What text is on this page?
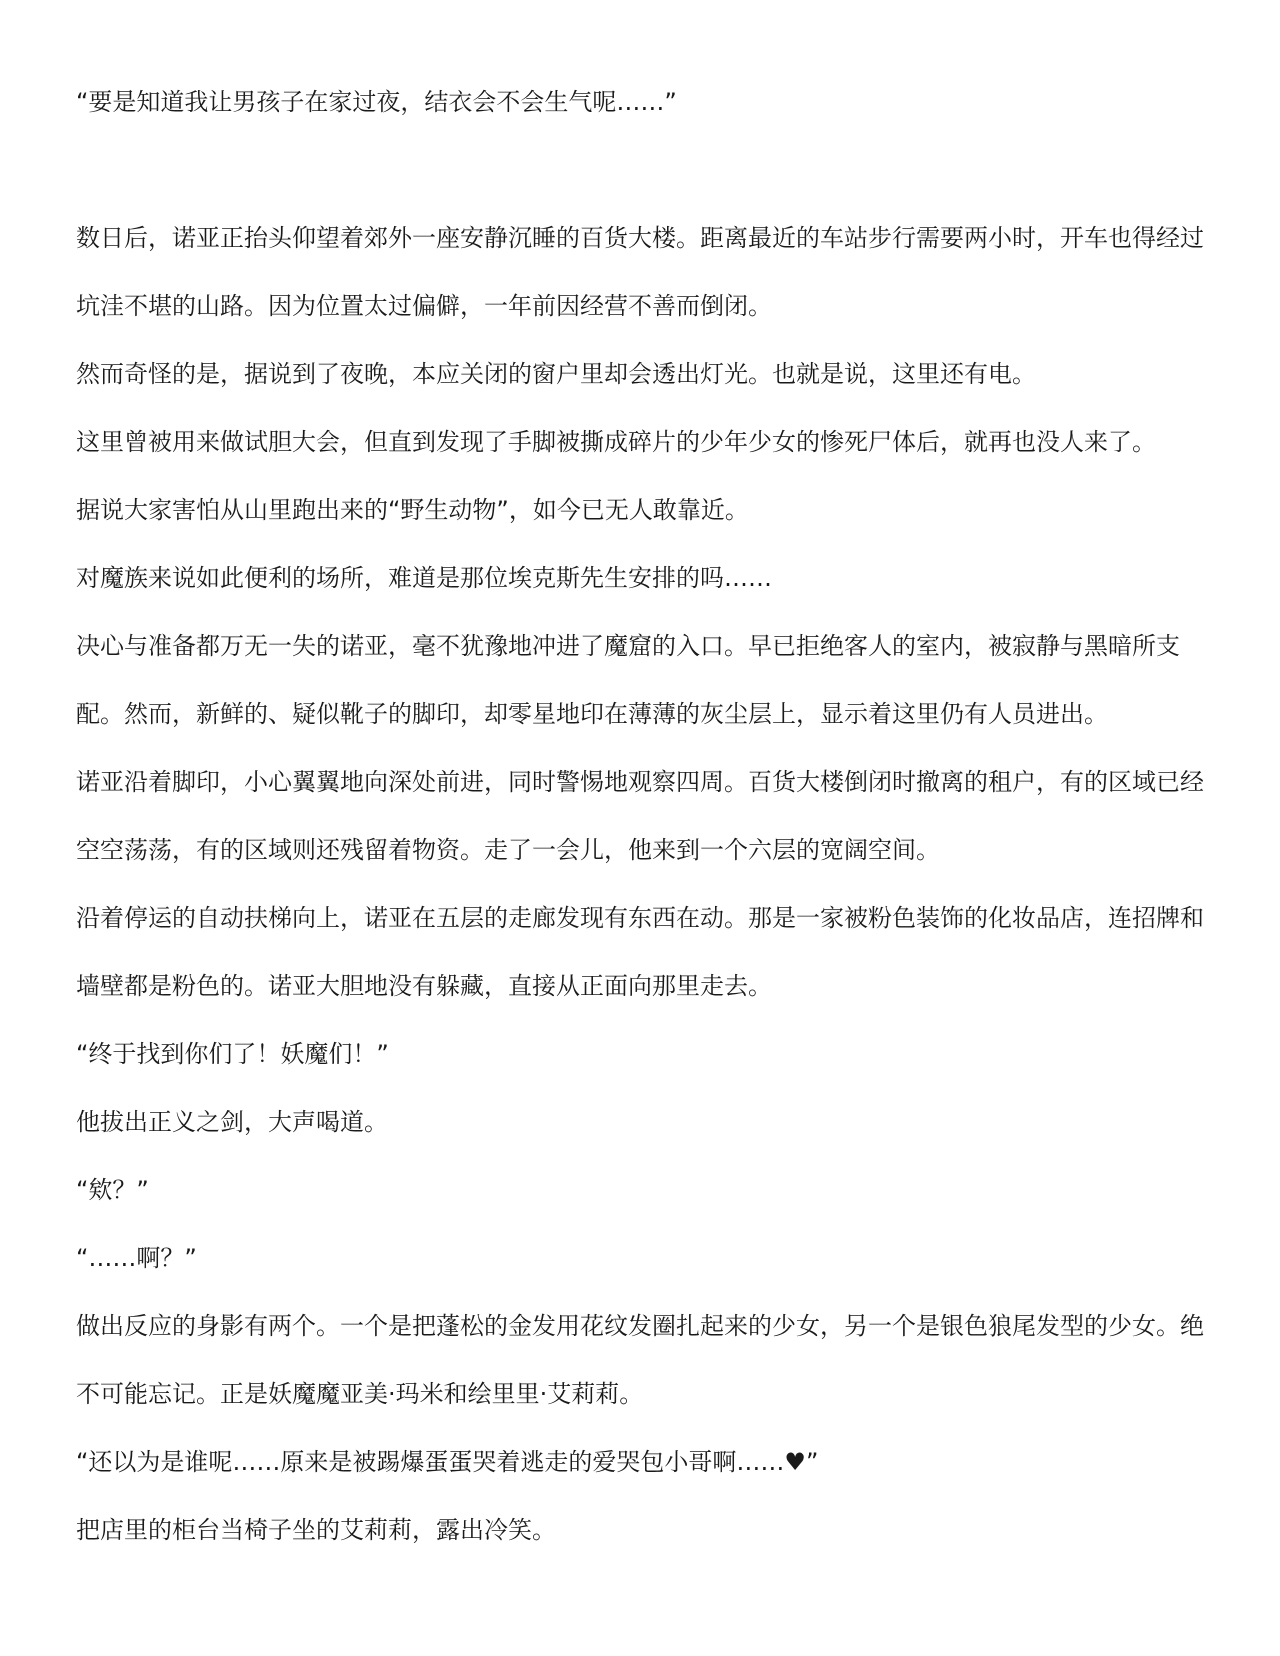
“要是知道我让男孩子在家过夜，结衣会不会生气呢……”

数日后，诺亚正抬头仰望着郊外一座安静沉睡的百货大楼。距离最近的车站步行需要两小时，开车也得经过坑洼不堪的山路。因为位置太过偏僻，一年前因经营不善而倒闭。

然而奇怪的是，据说到了夜晚，本应关闭的窗户里却会透出灯光。也就是说，这里还有电。

这里曾被用来做试胆大会，但直到发现了手脚被撕成碎片的少年少女的惨死尸体后，就再也没人来了。

据说大家害怕从山里跑出来的“野生动物”，如今已无人敢靠近。

对魔族来说如此便利的场所，难道是那位埃克斯先生安排的吗……

决心与准备都万无一失的诺亚，毫不犹豫地冲进了魔窟的入口。早已拒绝客人的室内，被寂静与黑暗所支配。然而，新鲜的、疑似靴子的脚印，却零星地印在薄薄的灰尘层上，显示着这里仍有人员进出。

诺亚沿着脚印，小心翼翼地向深处前进，同时警惕地观察四周。百货大楼倒闭时撤离的租户，有的区域已经空空荡荡，有的区域则还残留着物资。走了一会儿，他来到一个六层的宽阔空间。

沿着停运的自动扶梯向上，诺亚在五层的走廊发现有东西在动。那是一家被粉色装饰的化妆品店，连招牌和墙壁都是粉色的。诺亚大胆地没有躲藏，直接从正面向那里走去。

“终于找到你们了！妖魔们！”

他拔出正义之剑，大声喝道。

“欸？”

“……啊？”

做出反应的身影有两个。一个是把蓬松的金发用花纹发圈扎起来的少女，另一个是银色狼尾发型的少女。绝不可能忘记。正是妖魔魔亚美·玛米和绘里里·艾莉莉。

“还以为是谁呢……原来是被踢爆蛋蛋哭着逃走的爱哭包小哥啊……♥”

把店里的柜台当椅子坐的艾莉莉，露出冷笑。
